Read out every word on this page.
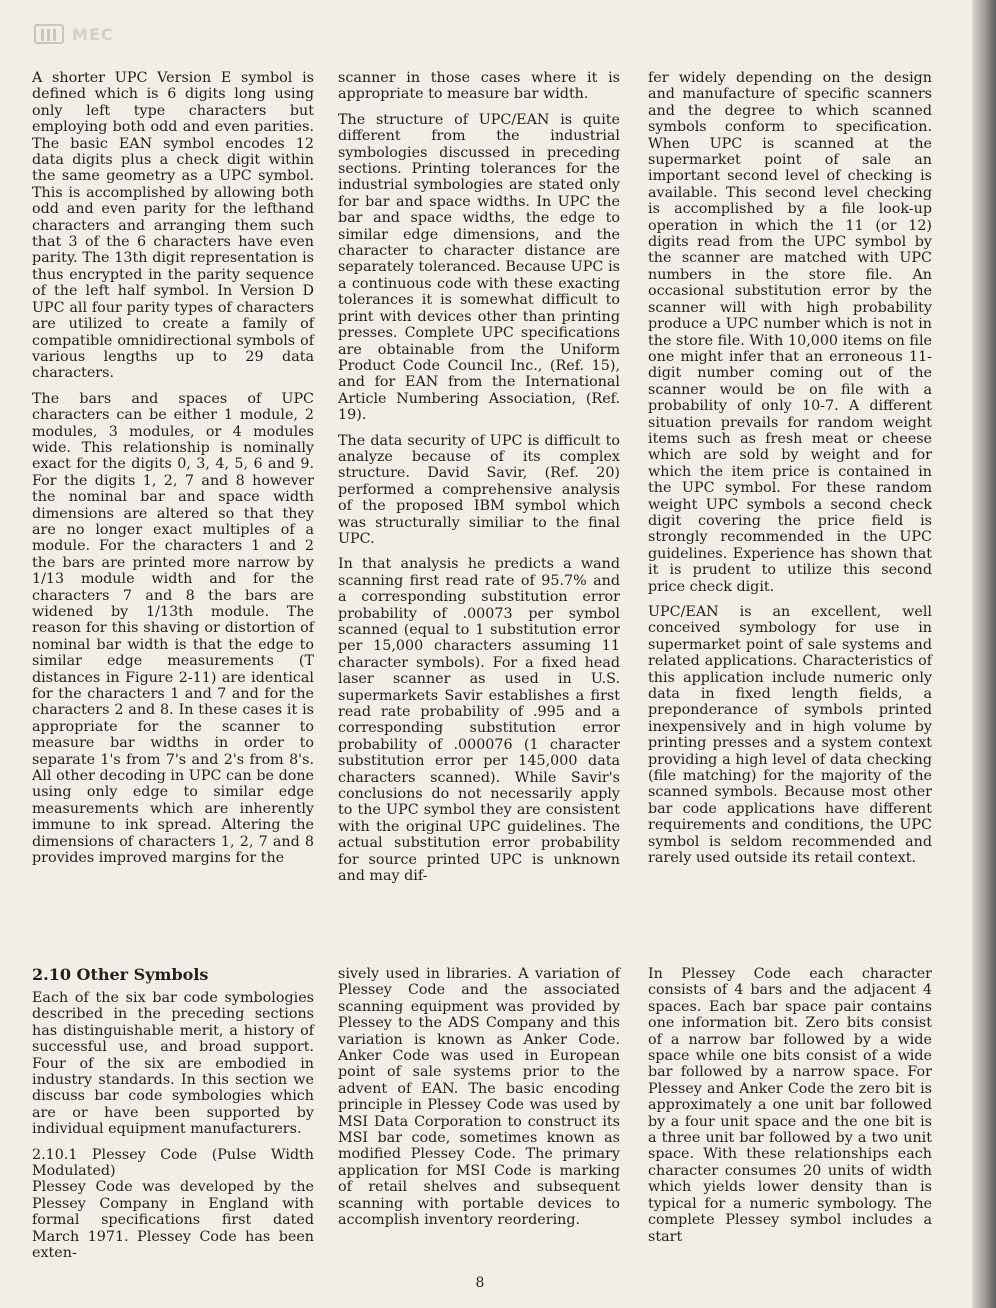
MEC

A shorter UPC Version E symbol is defined which is 6 digits long using only left type characters but employing both odd and even parities. The basic EAN symbol encodes 12 data digits plus a check digit within the same geometry as a UPC symbol. This is accomplished by allowing both odd and even parity for the lefthand characters and arranging them such that 3 of the 6 characters have even parity. The 13th digit representation is thus encrypted in the parity sequence of the left half symbol. In Version D UPC all four parity types of characters are utilized to create a family of compatible omnidirectional symbols of various lengths up to 29 data characters.

The bars and spaces of UPC characters can be either 1 module, 2 modules, 3 modules, or 4 modules wide. This relationship is nominally exact for the digits 0, 3, 4, 5, 6 and 9. For the digits 1, 2, 7 and 8 however the nominal bar and space width dimensions are altered so that they are no longer exact multiples of a module. For the characters 1 and 2 the bars are printed more narrow by 1/13 module width and for the characters 7 and 8 the bars are widened by 1/13th module. The reason for this shaving or distortion of nominal bar width is that the edge to similar edge measurements (T distances in Figure 2-11) are identical for the characters 1 and 7 and for the characters 2 and 8. In these cases it is appropriate for the scanner to measure bar widths in order to separate 1's from 7's and 2's from 8's. All other decoding in UPC can be done using only edge to similar edge measurements which are inherently immune to ink spread. Altering the dimensions of characters 1, 2, 7 and 8 provides improved margins for the

scanner in those cases where it is appropriate to measure bar width.

The structure of UPC/EAN is quite different from the industrial symbologies discussed in preceding sections. Printing tolerances for the industrial symbologies are stated only for bar and space widths. In UPC the bar and space widths, the edge to similar edge dimensions, and the character to character distance are separately toleranced. Because UPC is a continuous code with these exacting tolerances it is somewhat difficult to print with devices other than printing presses. Complete UPC specifications are obtainable from the Uniform Product Code Council Inc., (Ref. 15), and for EAN from the International Article Numbering Association, (Ref. 19).

The data security of UPC is difficult to analyze because of its complex structure. David Savir, (Ref. 20) performed a comprehensive analysis of the proposed IBM symbol which was structurally similiar to the final UPC.

In that analysis he predicts a wand scanning first read rate of 95.7% and a corresponding substitution error probability of .00073 per symbol scanned (equal to 1 substitution error per 15,000 characters assuming 11 character symbols). For a fixed head laser scanner as used in U.S. supermarkets Savir establishes a first read rate probability of .995 and a corresponding substitution error probability of .000076 (1 character substitution error per 145,000 data characters scanned). While Savir's conclusions do not necessarily apply to the UPC symbol they are consistent with the original UPC guidelines. The actual substitution error probability for source printed UPC is unknown and may dif-

fer widely depending on the design and manufacture of specific scanners and the degree to which scanned symbols conform to specification. When UPC is scanned at the supermarket point of sale an important second level of checking is available. This second level checking is accomplished by a file look-up operation in which the 11 (or 12) digits read from the UPC symbol by the scanner are matched with UPC numbers in the store file. An occasional substitution error by the scanner will with high probability produce a UPC number which is not in the store file. With 10,000 items on file one might infer that an erroneous 11-digit number coming out of the scanner would be on file with a probability of only 10-7. A different situation prevails for random weight items such as fresh meat or cheese which are sold by weight and for which the item price is contained in the UPC symbol. For these random weight UPC symbols a second check digit covering the price field is strongly recommended in the UPC guidelines. Experience has shown that it is prudent to utilize this second price check digit.

UPC/EAN is an excellent, well conceived symbology for use in supermarket point of sale systems and related applications. Characteristics of this application include numeric only data in fixed length fields, a preponderance of symbols printed inexpensively and in high volume by printing presses and a system context providing a high level of data checking (file matching) for the majority of the scanned symbols. Because most other bar code applications have different requirements and conditions, the UPC symbol is seldom recommended and rarely used outside its retail context.

2.10 Other Symbols

Each of the six bar code symbologies described in the preceding sections has distinguishable merit, a history of successful use, and broad support. Four of the six are embodied in industry standards. In this section we discuss bar code symbologies which are or have been supported by individual equipment manufacturers.

2.10.1 Plessey Code (Pulse Width Modulated)

Plessey Code was developed by the Plessey Company in England with formal specifications first dated March 1971. Plessey Code has been exten-

sively used in libraries. A variation of Plessey Code and the associated scanning equipment was provided by Plessey to the ADS Company and this variation is known as Anker Code. Anker Code was used in European point of sale systems prior to the advent of EAN. The basic encoding principle in Plessey Code was used by MSI Data Corporation to construct its MSI bar code, sometimes known as modified Plessey Code. The primary application for MSI Code is marking of retail shelves and subsequent scanning with portable devices to accomplish inventory reordering.

In Plessey Code each character consists of 4 bars and the adjacent 4 spaces. Each bar space pair contains one information bit. Zero bits consist of a narrow bar followed by a wide space while one bits consist of a wide bar followed by a narrow space. For Plessey and Anker Code the zero bit is approximately a one unit bar followed by a four unit space and the one bit is a three unit bar followed by a two unit space. With these relationships each character consumes 20 units of width which yields lower density than is typical for a numeric symbology. The complete Plessey symbol includes a start

8
